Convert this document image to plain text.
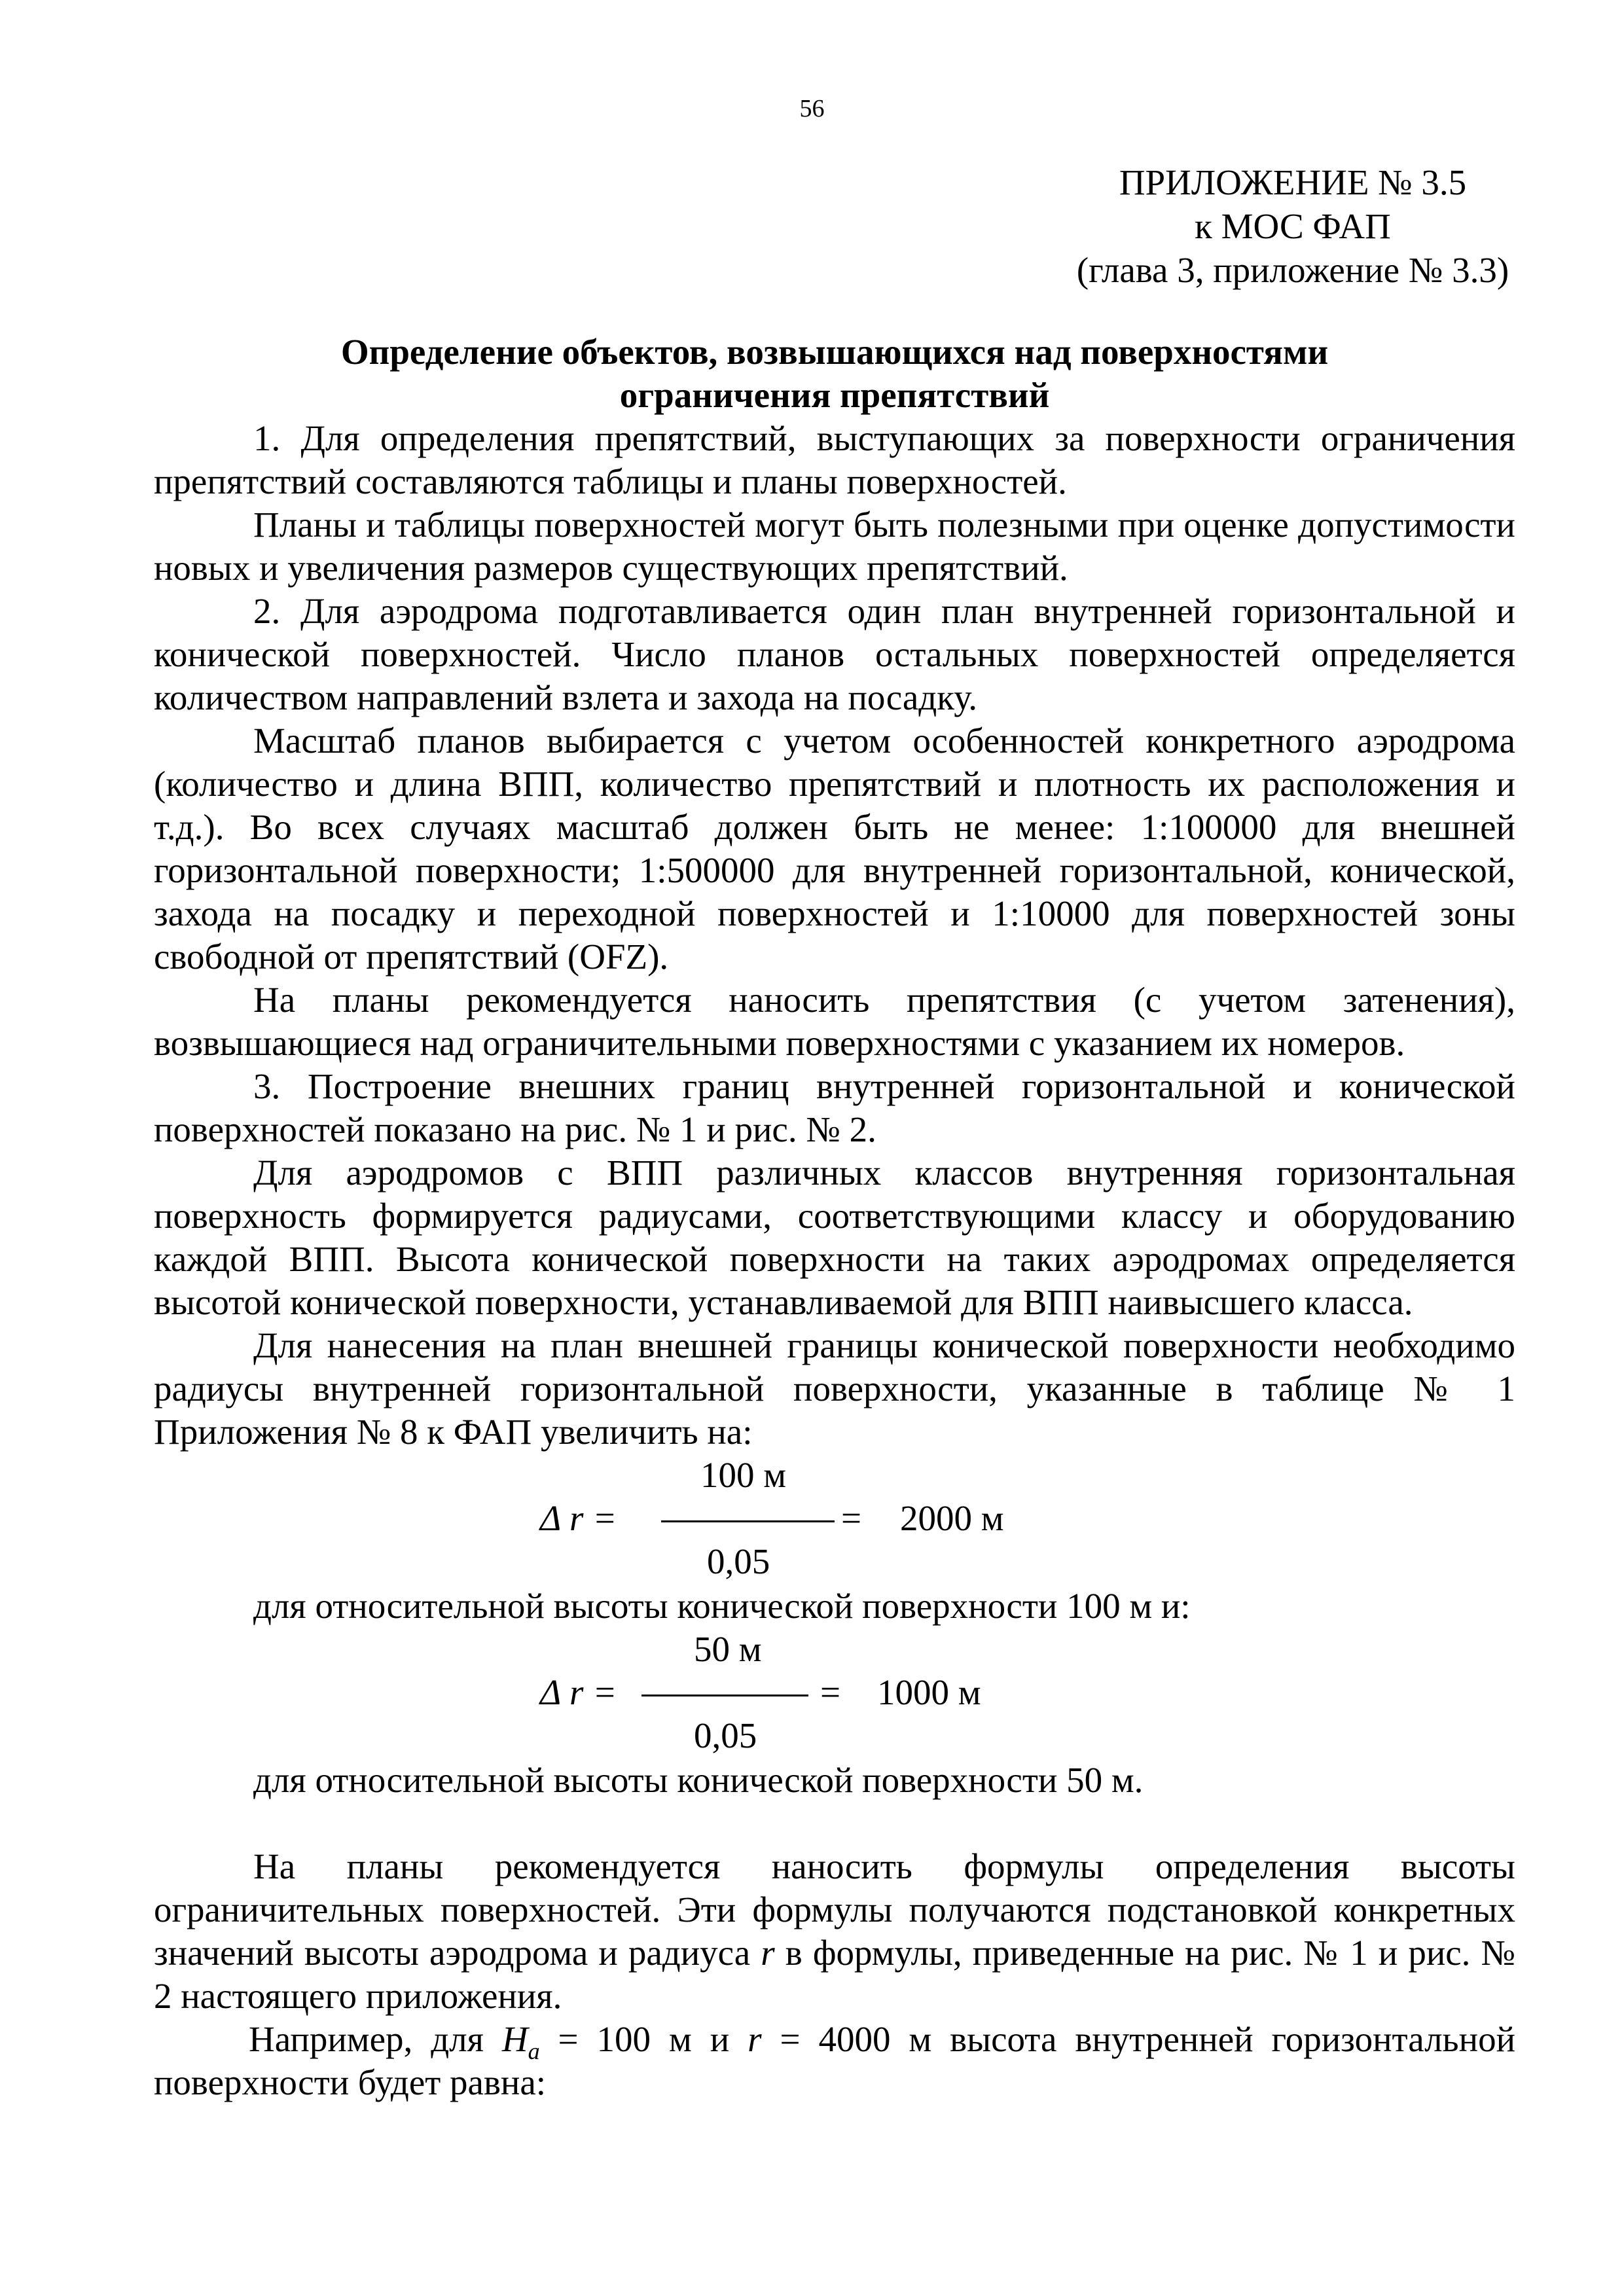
56
ПРИЛОЖЕНИЕ № 3.5
к МОС ФАП
(глава 3, приложение № 3.3)
Определение объектов, возвышающихся над поверхностями
ограничения препятствий

1. Для определения препятствий, выступающих за поверхности ограничения препятствий составляются таблицы и планы поверхностей.

Планы и таблицы поверхностей могут быть полезными при оценке допустимости новых и увеличения размеров существующих препятствий.

2. Для аэродрома подготавливается один план внутренней горизонтальной и конической поверхностей. Число планов остальных поверхностей определяется количеством направлений взлета и захода на посадку.

Масштаб планов выбирается с учетом особенностей конкретного аэродрома (количество и длина ВПП, количество препятствий и плотность их расположения и т.д.). Во всех случаях масштаб должен быть не менее: 1:100000 для внешней горизонтальной поверхности; 1:500000 для внутренней горизонтальной, конической, захода на посадку и переходной поверхностей и 1:10000 для поверхностей зоны свободной от препятствий (OFZ).

На планы рекомендуется наносить препятствия (с учетом затенения), возвышающиеся над ограничительными поверхностями с указанием их номеров.

3. Построение внешних границ внутренней горизонтальной и конической поверхностей показано на рис. № 1 и рис. № 2.

Для аэродромов с ВПП различных классов внутренняя горизонтальная поверхность формируется радиусами, соответствующими классу и оборудованию каждой ВПП. Высота конической поверхности на таких аэродромах определяется высотой конической поверхности, устанавливаемой для ВПП наивысшего класса.

Для нанесения на план внешней границы конической поверхности необходимо радиусы внутренней горизонтальной поверхности, указанные в таблице № 1 Приложения № 8 к ФАП увеличить на:

100 м
Δ r =	= 2000 м
0,05

для относительной высоты конической поверхности 100 м и:

50 м
Δ r =	= 1000 м
0,05

для относительной высоты конической поверхности 50 м.

На планы рекомендуется наносить формулы определения высоты ограничительных поверхностей. Эти формулы получаются подстановкой конкретных значений высоты аэродрома и радиуса r в формулы, приведенные на рис. № 1 и рис. № 2 настоящего приложения.

Например, для $H_a = 100$ м и r = 4000 м высота внутренней горизонтальной поверхности будет равна:
